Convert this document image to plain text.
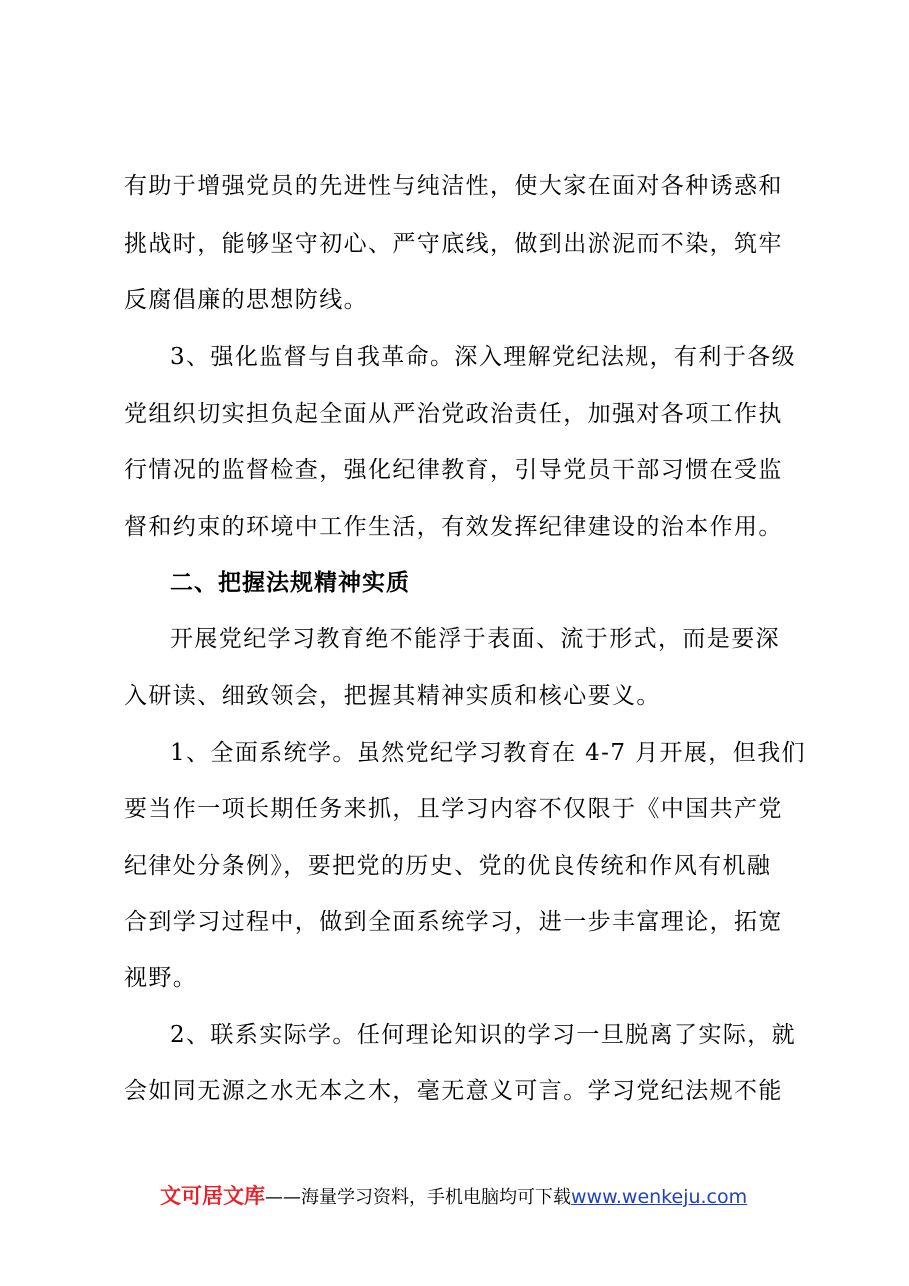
有助于增强党员的先进性与纯洁性，使大家在面对各种诱惑和
挑战时，能够坚守初心、严守底线，做到出淤泥而不染，筑牢
反腐倡廉的思想防线。
3、强化监督与自我革命。深入理解党纪法规，有利于各级
党组织切实担负起全面从严治党政治责任，加强对各项工作执
行情况的监督检查，强化纪律教育，引导党员干部习惯在受监
督和约束的环境中工作生活，有效发挥纪律建设的治本作用。
二、把握法规精神实质
开展党纪学习教育绝不能浮于表面、流于形式，而是要深
入研读、细致领会，把握其精神实质和核心要义。
1、全面系统学。虽然党纪学习教育在 4-7 月开展，但我们
要当作一项长期任务来抓，且学习内容不仅限于《中国共产党
纪律处分条例》，要把党的历史、党的优良传统和作风有机融
合到学习过程中，做到全面系统学习，进一步丰富理论，拓宽
视野。
2、联系实际学。任何理论知识的学习一旦脱离了实际，就
会如同无源之水无本之木，毫无意义可言。学习党纪法规不能
文可居文库——海量学习资料，手机电脑均可下载www.wenkeju.com
